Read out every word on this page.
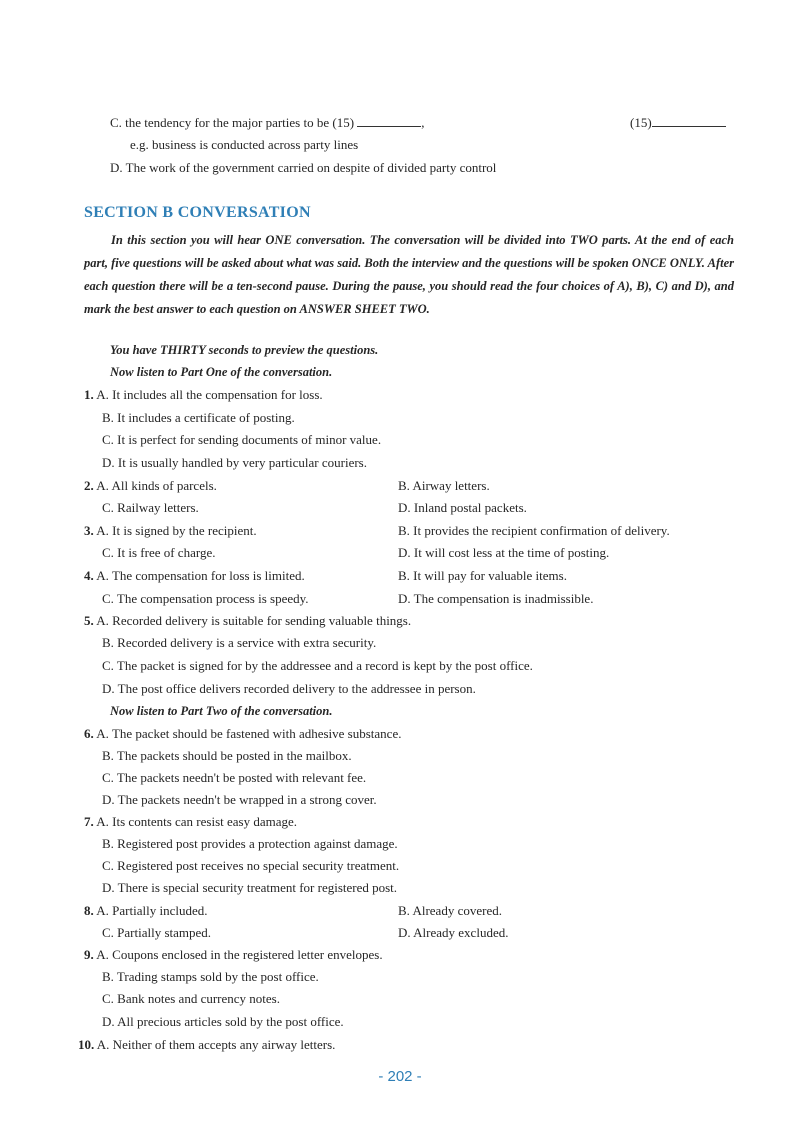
C. the tendency for the major parties to be (15)	,	(15)
e.g. business is conducted across party lines
D. The work of the government carried on despite of divided party control
SECTION B CONVERSATION
In this section you will hear ONE conversation. The conversation will be divided into TWO parts. At the end of each part, five questions will be asked about what was said. Both the interview and the questions will be spoken ONCE ONLY. After each question there will be a ten-second pause. During the pause, you should read the four choices of A), B), C) and D), and mark the best answer to each question on ANSWER SHEET TWO.
You have THIRTY seconds to preview the questions.
Now listen to Part One of the conversation.
1. A. It includes all the compensation for loss.
B. It includes a certificate of posting.
C. It is perfect for sending documents of minor value.
D. It is usually handled by very particular couriers.
2. A. All kinds of parcels.	B. Airway letters.
C. Railway letters.	D. Inland postal packets.
3. A. It is signed by the recipient.	B. It provides the recipient confirmation of delivery.
C. It is free of charge.	D. It will cost less at the time of posting.
4. A. The compensation for loss is limited.	B. It will pay for valuable items.
C. The compensation process is speedy.	D. The compensation is inadmissible.
5. A. Recorded delivery is suitable for sending valuable things.
B. Recorded delivery is a service with extra security.
C. The packet is signed for by the addressee and a record is kept by the post office.
D. The post office delivers recorded delivery to the addressee in person.
Now listen to Part Two of the conversation.
6. A. The packet should be fastened with adhesive substance.
B. The packets should be posted in the mailbox.
C. The packets needn't be posted with relevant fee.
D. The packets needn't be wrapped in a strong cover.
7. A. Its contents can resist easy damage.
B. Registered post provides a protection against damage.
C. Registered post receives no special security treatment.
D. There is special security treatment for registered post.
8. A. Partially included.	B. Already covered.
C. Partially stamped.	D. Already excluded.
9. A. Coupons enclosed in the registered letter envelopes.
B. Trading stamps sold by the post office.
C. Bank notes and currency notes.
D. All precious articles sold by the post office.
10. A. Neither of them accepts any airway letters.
- 202 -
